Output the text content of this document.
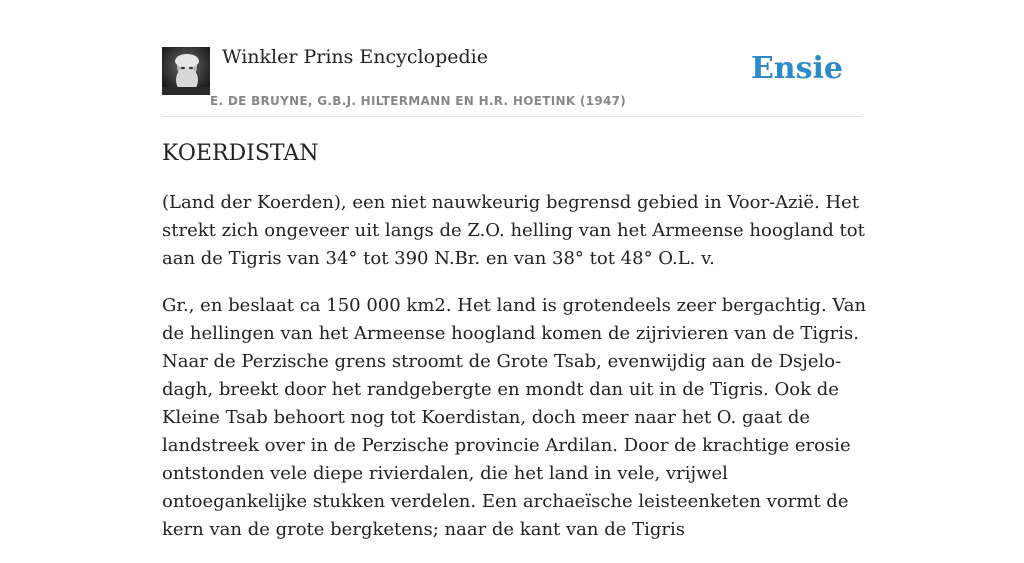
Winkler Prins Encyclopedie
E. DE BRUYNE, G.B.J. HILTERMANN EN H.R. HOETINK (1947)
Ensie
KOERDISTAN

(Land der Koerden), een niet nauwkeurig begrensd gebied in Voor-Azië. Het strekt zich ongeveer uit langs de Z.O. helling van het Armeense hoogland tot aan de Tigris van 34° tot 390 N.Br. en van 38° tot 48° O.L. v.

Gr., en beslaat ca 150 000 km2. Het land is grotendeels zeer bergachtig. Van de hellingen van het Armeense hoogland komen de zijrivieren van de Tigris. Naar de Perzische grens stroomt de Grote Tsab, evenwijdig aan de Dsjelo-dagh, breekt door het randgebergte en mondt dan uit in de Tigris. Ook de Kleine Tsab behoort nog tot Koerdistan, doch meer naar het O. gaat de landstreek over in de Perzische provincie Ardilan. Door de krachtige erosie ontstonden vele diepe rivierdalen, die het land in vele, vrijwel ontoegankelijke stukken verdelen. Een archaeïsche leisteenketen vormt de kern van de grote bergketens; naar de kant van de Tigris
